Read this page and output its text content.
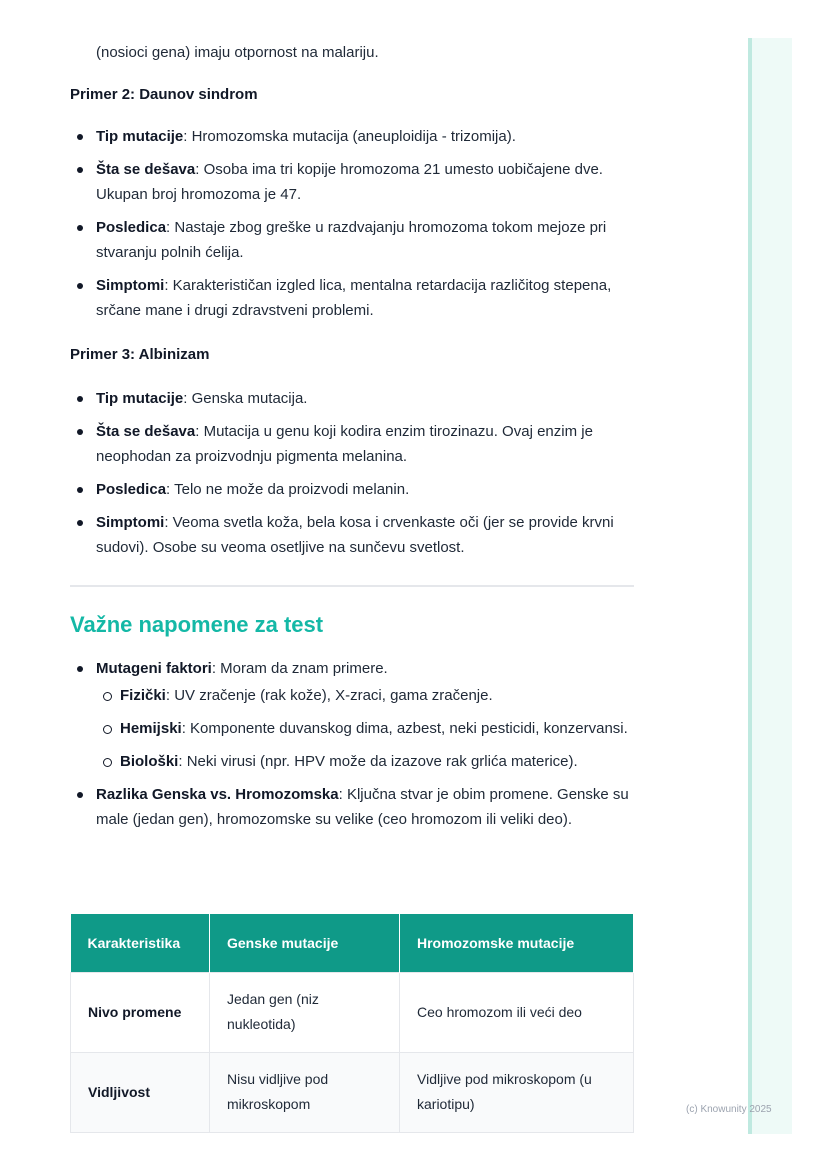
(c) Knowunity 2025

(nosioci gena) imaju otpornost na malariju.

Primer 2: Daunov sindrom
Tip mutacije: Hromozomska mutacija (aneuploidija - trizomija).
Šta se dešava: Osoba ima tri kopije hromozoma 21 umesto uobičajene dve. Ukupan broj hromozoma je 47.
Posledica: Nastaje zbog greške u razdvajanju hromozoma tokom mejoze pri stvaranju polnih ćelija.
Simptomi: Karakterističan izgled lica, mentalna retardacija različitog stepena, srčane mane i drugi zdravstveni problemi.
Primer 3: Albinizam
Tip mutacije: Genska mutacija.
Šta se dešava: Mutacija u genu koji kodira enzim tirozinazu. Ovaj enzim je neophodan za proizvodnju pigmenta melanina.
Posledica: Telo ne može da proizvodi melanin.
Simptomi: Veoma svetla koža, bela kosa i crvenkaste oči (jer se provide krvni sudovi). Osobe su veoma osetljive na sunčevu svetlost.
Važne napomene za test
Mutageni faktori: Moram da znam primere.
Fizički: UV zračenje (rak kože), X-zraci, gama zračenje.
Hemijski: Komponente duvanskog dima, azbest, neki pesticidi, konzervansi.
Biološki: Neki virusi (npr. HPV može da izazove rak grlića materice).
Razlika Genska vs. Hromozomska: Ključna stvar je obim promene. Genske su male (jedan gen), hromozomske su velike (ceo hromozom ili veliki deo).
Karakteristika	Genske mutacije	Hromozomske mutacije
Nivo promene	Jedan gen (niz nukleotida)	Ceo hromozom ili veći deo
Vidljivost	Nisu vidljive pod mikroskopom	Vidljive pod mikroskopom (u kariotipu)
